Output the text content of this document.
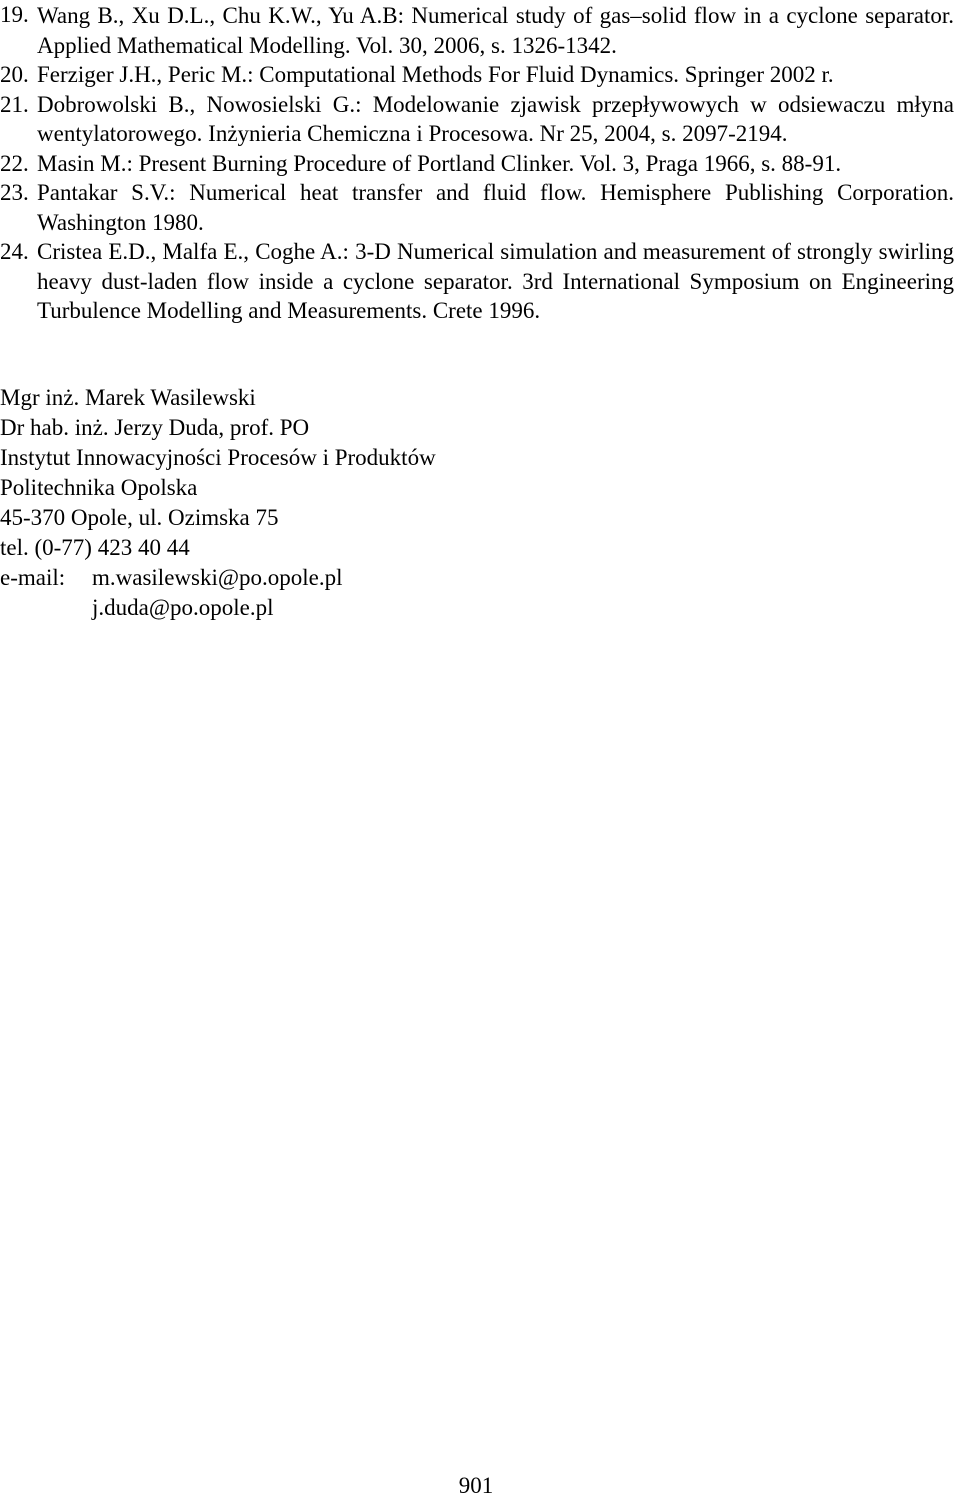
19. Wang B., Xu D.L., Chu K.W., Yu A.B: Numerical study of gas–solid flow in a cyclone separator. Applied Mathematical Modelling. Vol. 30, 2006, s. 1326-1342.

20. Ferziger J.H., Peric M.: Computational Methods For Fluid Dynamics. Springer 2002 r.

21. Dobrowolski B., Nowosielski G.: Modelowanie zjawisk przepływowych w odsiewaczu młyna wentylatorowego. Inżynieria Chemiczna i Procesowa. Nr 25, 2004, s. 2097-2194.

22. Masin M.: Present Burning Procedure of Portland Clinker. Vol. 3, Praga 1966, s. 88-91.

23. Pantakar S.V.: Numerical heat transfer and fluid flow. Hemisphere Publishing Corporation. Washington 1980.

24. Cristea E.D., Malfa E., Coghe A.: 3-D Numerical simulation and measurement of strongly swirling heavy dust-laden flow inside a cyclone separator. 3rd International Symposium on Engineering Turbulence Modelling and Measurements. Crete 1996.

Mgr inż. Marek Wasilewski
Dr hab. inż. Jerzy Duda, prof. PO
Instytut Innowacyjności Procesów i Produktów
Politechnika Opolska
45-370 Opole, ul. Ozimska 75
tel. (0-77) 423 40 44
e-mail: m.wasilewski@po.opole.pl
j.duda@po.opole.pl
901
